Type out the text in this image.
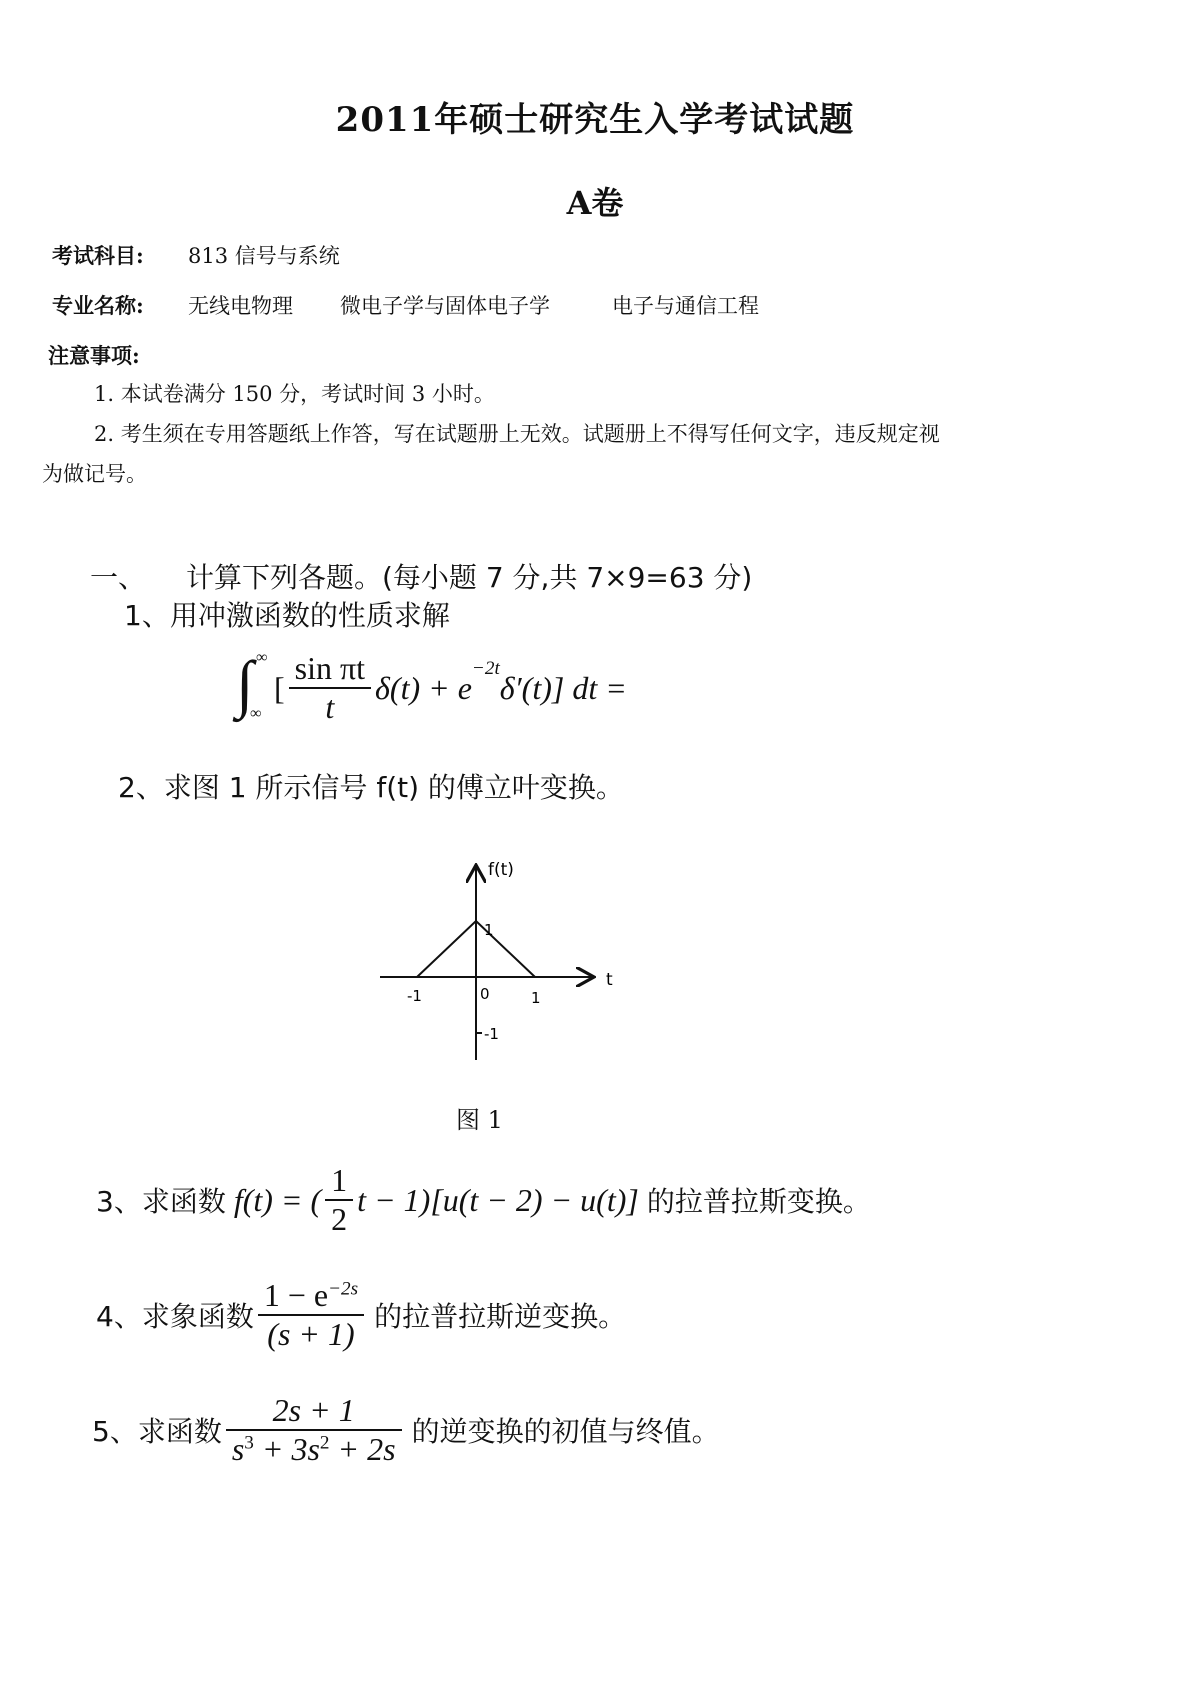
2011年硕士研究生入学考试试题
A卷
考试科目: 813 信号与系统
专业名称: 无线电物理 微电子学与固体电子学	电子与通信工程
注意事项:
1. 本试卷满分 150 分，考试时间 3 小时。
2. 考生须在专用答题纸上作答，写在试题册上无效。试题册上不得写任何文字，违反规定视
为做记号。
一、 计算下列各题。(每小题 7 分,共 7×9=63 分)
1、用冲激函数的性质求解
∫ ∞
∞
[ $\frac{\text{sin πt}}{t} \delta(t) + e$
−2t
δ′(t)] dt =
2、求图 1 所示信号 f(t) 的傅立叶变换。
f(t)
t
-1	0	1
1
-1
图 1
3、求函数 f(t) = ( $\frac{1}{2}$ t − 1)[u(t − 2) − u(t)] 的拉普拉斯变换。
4、求象函数 $\frac{1 - e^{-2s}}{(s + 1)}$ 的拉普拉斯逆变换。
5、求函数 $\frac{2s + 1}{s^3 + 3s^2 + 2s}$ 的逆变换的初值与终值。
